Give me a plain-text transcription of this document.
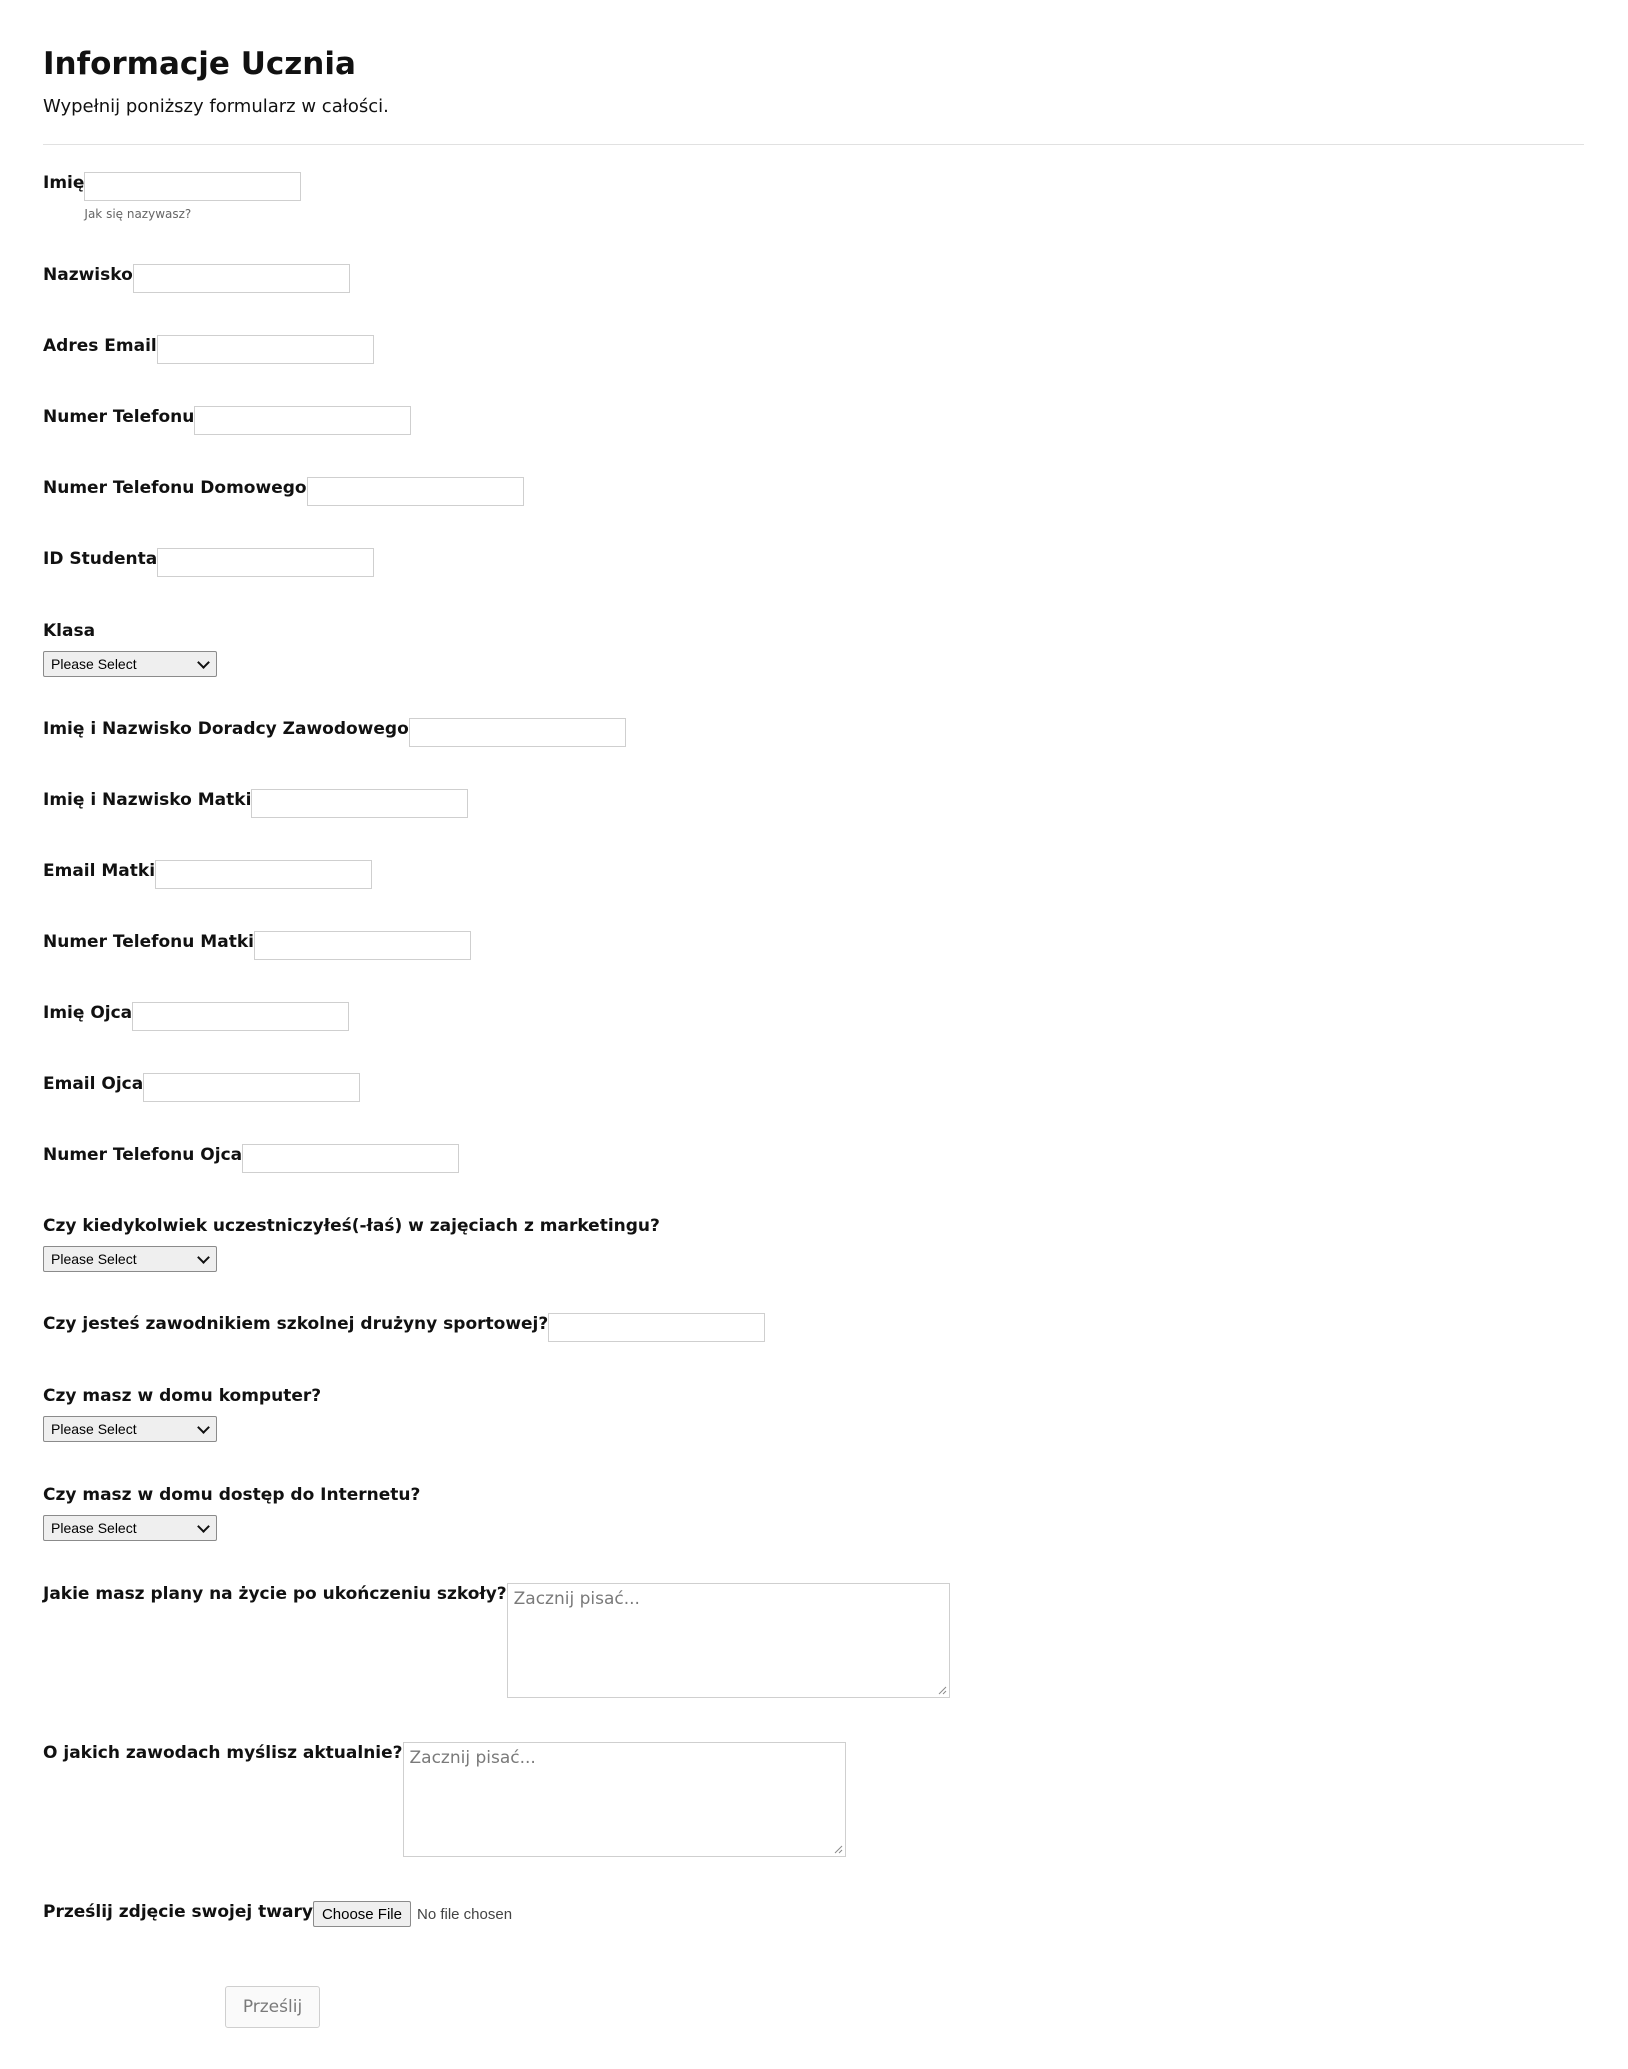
Informacje Ucznia

Wypełnij poniższy formularz w całości.

Imię
Jak się nazywasz?
Nazwisko
Adres Email
Numer Telefonu
Numer Telefonu Domowego
ID Studenta
Klasa
Please Select
Imię i Nazwisko Doradcy Zawodowego
Imię i Nazwisko Matki
Email Matki
Numer Telefonu Matki
Imię Ojca
Email Ojca
Numer Telefonu Ojca
Czy kiedykolwiek uczestniczyłeś(-łaś) w zajęciach z marketingu?
Please Select
Czy jesteś zawodnikiem szkolnej drużyny sportowej?
Czy masz w domu komputer?
Please Select
Czy masz w domu dostęp do Internetu?
Please Select
Jakie masz plany na życie po ukończeniu szkoły? Zacznij pisać...
O jakich zawodach myślisz aktualnie? Zacznij pisać...
Prześlij zdjęcie swojej twary Choose File	No file chosen
Prześlij
